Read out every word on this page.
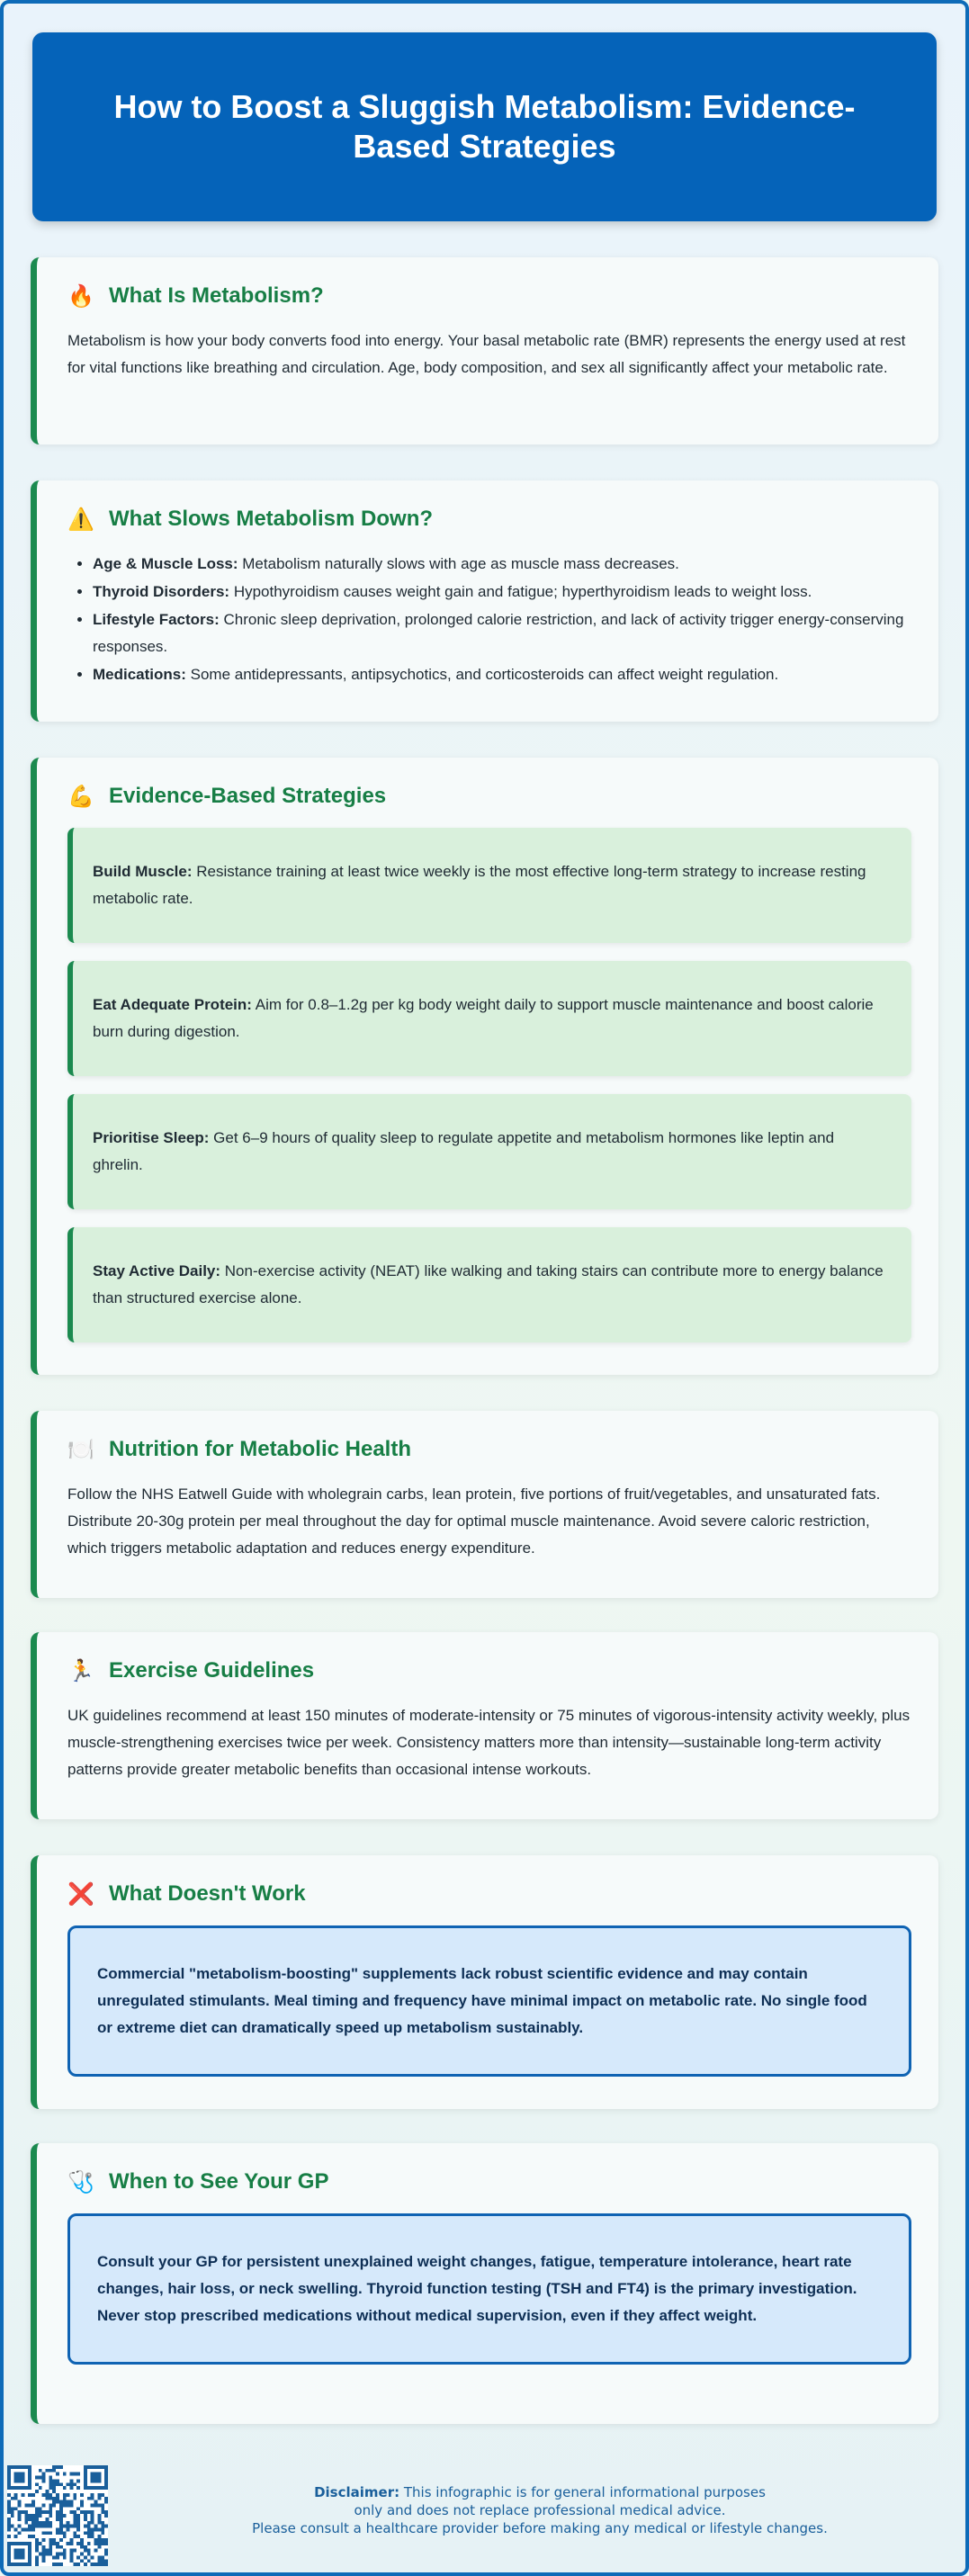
How to Boost a Sluggish Metabolism: Evidence-Based Strategies
🔥 What Is Metabolism?

Metabolism is how your body converts food into energy. Your basal metabolic rate (BMR) represents the energy used at rest for vital functions like breathing and circulation. Age, body composition, and sex all significantly affect your metabolic rate.

⚠️ What Slows Metabolism Down?
• Age & Muscle Loss: Metabolism naturally slows with age as muscle mass decreases.
• Thyroid Disorders: Hypothyroidism causes weight gain and fatigue; hyperthyroidism leads to weight loss.
• Lifestyle Factors: Chronic sleep deprivation, prolonged calorie restriction, and lack of activity trigger energy-conserving responses.
• Medications: Some antidepressants, antipsychotics, and corticosteroids can affect weight regulation.
💪 Evidence-Based Strategies
Build Muscle: Resistance training at least twice weekly is the most effective long-term strategy to increase resting metabolic rate.
Eat Adequate Protein: Aim for 0.8–1.2g per kg body weight daily to support muscle maintenance and boost calorie burn during digestion.
Prioritise Sleep: Get 6–9 hours of quality sleep to regulate appetite and metabolism hormones like leptin and ghrelin.
Stay Active Daily: Non-exercise activity (NEAT) like walking and taking stairs can contribute more to energy balance than structured exercise alone.
🍽️ Nutrition for Metabolic Health

Follow the NHS Eatwell Guide with wholegrain carbs, lean protein, five portions of fruit/vegetables, and unsaturated fats. Distribute 20-30g protein per meal throughout the day for optimal muscle maintenance. Avoid severe caloric restriction, which triggers metabolic adaptation and reduces energy expenditure.

🏃 Exercise Guidelines

UK guidelines recommend at least 150 minutes of moderate-intensity or 75 minutes of vigorous-intensity activity weekly, plus muscle-strengthening exercises twice per week. Consistency matters more than intensity—sustainable long-term activity patterns provide greater metabolic benefits than occasional intense workouts.

❌ What Doesn't Work
Commercial "metabolism-boosting" supplements lack robust scientific evidence and may contain unregulated stimulants. Meal timing and frequency have minimal impact on metabolic rate. No single food or extreme diet can dramatically speed up metabolism sustainably.
🩺 When to See Your GP
Consult your GP for persistent unexplained weight changes, fatigue, temperature intolerance, heart rate changes, hair loss, or neck swelling. Thyroid function testing (TSH and FT4) is the primary investigation. Never stop prescribed medications without medical supervision, even if they affect weight.
Disclaimer: This infographic is for general informational purposes
only and does not replace professional medical advice.
Please consult a healthcare provider before making any medical or lifestyle changes.
